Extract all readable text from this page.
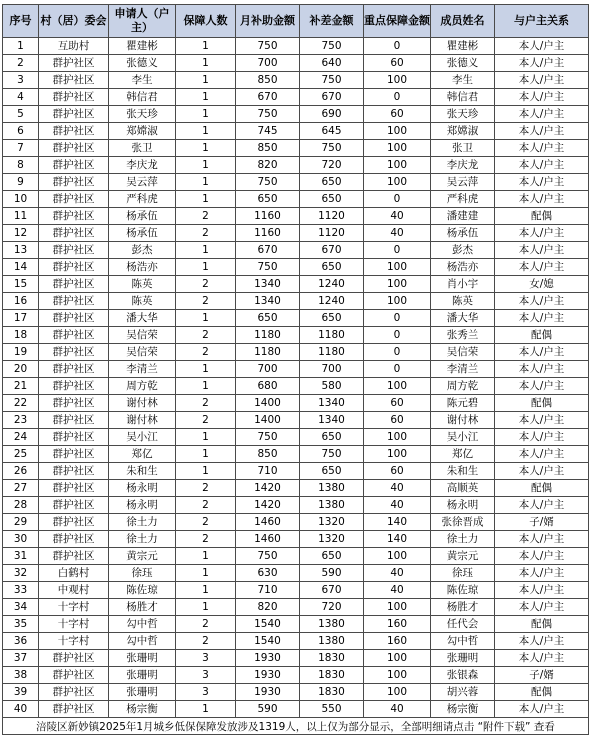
序号	村（居）委会	申请人（户主）	保障人数	月补助金额	补差金额	重点保障金额	成员姓名	与户主关系
1	互助村	瞿建彬	1	750	750	0	瞿建彬	本人/户主
2	群护社区	张德义	1	700	640	60	张德义	本人/户主
3	群护社区	李生	1	850	750	100	李生	本人/户主
4	群护社区	韩信君	1	670	670	0	韩信君	本人/户主
5	群护社区	张天珍	1	750	690	60	张天珍	本人/户主
6	群护社区	郑嫦淑	1	745	645	100	郑嫦淑	本人/户主
7	群护社区	张卫	1	850	750	100	张卫	本人/户主
8	群护社区	李庆龙	1	820	720	100	李庆龙	本人/户主
9	群护社区	吴云萍	1	750	650	100	吴云萍	本人/户主
10	群护社区	严科虎	1	650	650	0	严科虎	本人/户主
11	群护社区	杨承伍	2	1160	1120	40	潘建建	配偶
12	群护社区	杨承伍	2	1160	1120	40	杨承伍	本人/户主
13	群护社区	彭杰	1	670	670	0	彭杰	本人/户主
14	群护社区	杨浩亦	1	750	650	100	杨浩亦	本人/户主
15	群护社区	陈英	2	1340	1240	100	肖小宇	女/媳
16	群护社区	陈英	2	1340	1240	100	陈英	本人/户主
17	群护社区	潘大华	1	650	650	0	潘大华	本人/户主
18	群护社区	吴信荣	2	1180	1180	0	张秀兰	配偶
19	群护社区	吴信荣	2	1180	1180	0	吴信荣	本人/户主
20	群护社区	李清兰	1	700	700	0	李清兰	本人/户主
21	群护社区	周方乾	1	680	580	100	周方乾	本人/户主
22	群护社区	谢付林	2	1400	1340	60	陈元碧	配偶
23	群护社区	谢付林	2	1400	1340	60	谢付林	本人/户主
24	群护社区	吴小江	1	750	650	100	吴小江	本人/户主
25	群护社区	郑亿	1	850	750	100	郑亿	本人/户主
26	群护社区	朱和生	1	710	650	60	朱和生	本人/户主
27	群护社区	杨永明	2	1420	1380	40	高顺英	配偶
28	群护社区	杨永明	2	1420	1380	40	杨永明	本人/户主
29	群护社区	徐土力	2	1460	1320	140	张徐晋成	子/婿
30	群护社区	徐土力	2	1460	1320	140	徐土力	本人/户主
31	群护社区	黄宗元	1	750	650	100	黄宗元	本人/户主
32	白鹤村	徐珏	1	630	590	40	徐珏	本人/户主
33	中观村	陈佐琼	1	710	670	40	陈佐琼	本人/户主
34	十字村	杨胜才	1	820	720	100	杨胜才	本人/户主
35	十字村	勾中哲	2	1540	1380	160	任代会	配偶
36	十字村	勾中哲	2	1540	1380	160	勾中哲	本人/户主
37	群护社区	张珊明	3	1930	1830	100	张珊明	本人/户主
38	群护社区	张珊明	3	1930	1830	100	张银森	子/婿
39	群护社区	张珊明	3	1930	1830	100	胡兴蓉	配偶
40	群护社区	杨宗衡	1	590	550	40	杨宗衡	本人/户主
涪陵区新妙镇2025年1月城乡低保保障发放涉及1319人，以上仅为部分显示，全部明细请点击 “附件下载” 查看								
